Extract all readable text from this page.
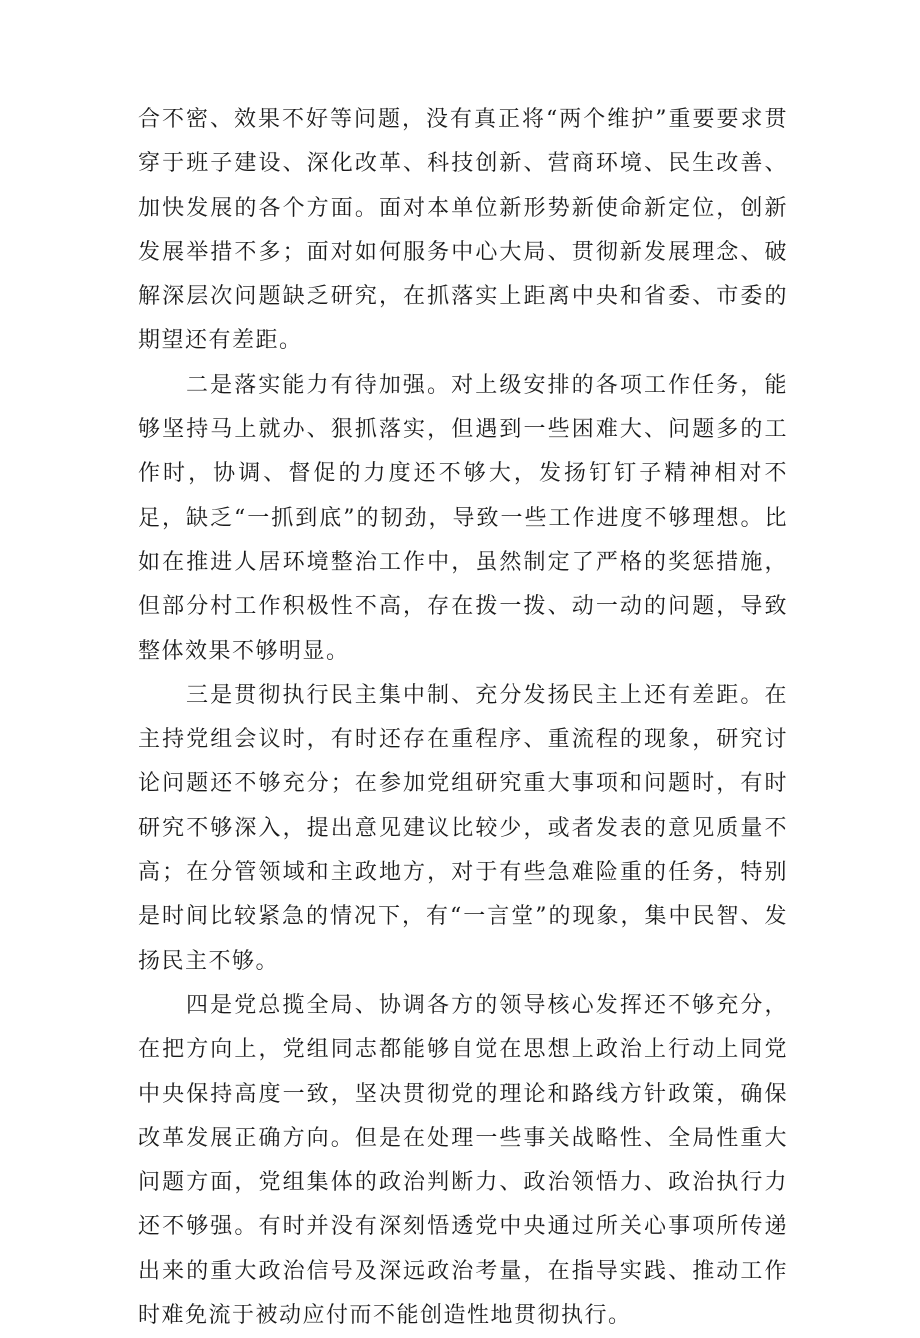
合不密、效果不好等问题，没有真正将“两个维护”重要要求贯穿于班子建设、深化改革、科技创新、营商环境、民生改善、加快发展的各个方面。面对本单位新形势新使命新定位，创新发展举措不多；面对如何服务中心大局、贯彻新发展理念、破解深层次问题缺乏研究，在抓落实上距离中央和省委、市委的期望还有差距。

二是落实能力有待加强。对上级安排的各项工作任务，能够坚持马上就办、狠抓落实，但遇到一些困难大、问题多的工作时，协调、督促的力度还不够大，发扬钉钉子精神相对不足，缺乏“一抓到底”的韧劲，导致一些工作进度不够理想。比如在推进人居环境整治工作中，虽然制定了严格的奖惩措施，但部分村工作积极性不高，存在拨一拨、动一动的问题，导致整体效果不够明显。

三是贯彻执行民主集中制、充分发扬民主上还有差距。在主持党组会议时，有时还存在重程序、重流程的现象，研究讨论问题还不够充分；在参加党组研究重大事项和问题时，有时研究不够深入，提出意见建议比较少，或者发表的意见质量不高；在分管领域和主政地方，对于有些急难险重的任务，特别是时间比较紧急的情况下，有“一言堂”的现象，集中民智、发扬民主不够。

四是党总揽全局、协调各方的领导核心发挥还不够充分，在把方向上，党组同志都能够自觉在思想上政治上行动上同党中央保持高度一致，坚决贯彻党的理论和路线方针政策，确保改革发展正确方向。但是在处理一些事关战略性、全局性重大问题方面，党组集体的政治判断力、政治领悟力、政治执行力还不够强。有时并没有深刻悟透党中央通过所关心事项所传递出来的重大政治信号及深远政治考量，在指导实践、推动工作时难免流于被动应付而不能创造性地贯彻执行。
